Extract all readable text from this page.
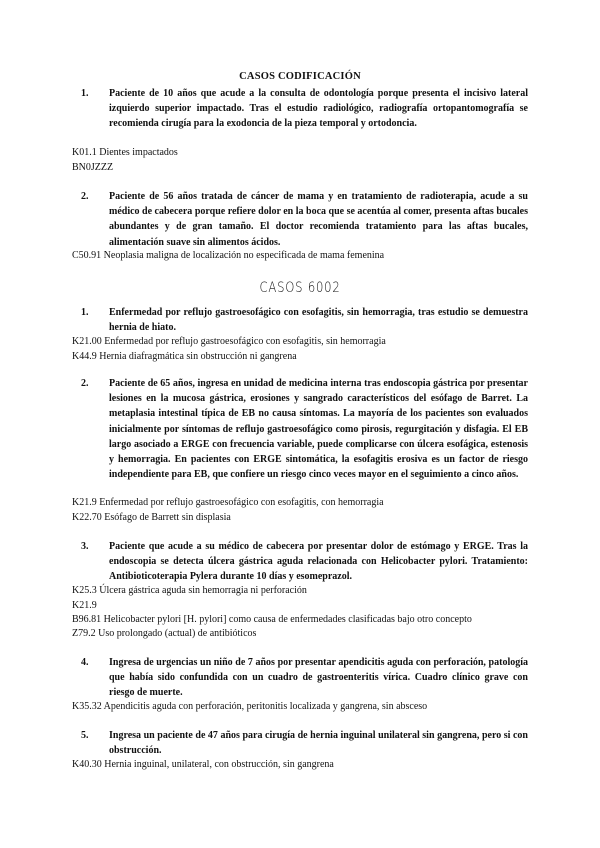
CASOS CODIFICACIÓN
1. Paciente de 10 años que acude a la consulta de odontología porque presenta el incisivo lateral izquierdo superior impactado. Tras el estudio radiológico, radiografía ortopantomografía se recomienda cirugía para la exodoncia de la pieza temporal y ortodoncia.
K01.1 Dientes impactados
BN0JZZZ
2. Paciente de 56 años tratada de cáncer de mama y en tratamiento de radioterapia, acude a su médico de cabecera porque refiere dolor en la boca que se acentúa al comer, presenta aftas bucales abundantes y de gran tamaño. El doctor recomienda tratamiento para las aftas bucales, alimentación suave sin alimentos ácidos.
C50.91 Neoplasia maligna de localización no especificada de mama femenina
CASOS 6002
1. Enfermedad por reflujo gastroesofágico con esofagitis, sin hemorragia, tras estudio se demuestra hernia de hiato.
K21.00 Enfermedad por reflujo gastroesofágico con esofagitis, sin hemorragia
K44.9 Hernia diafragmática sin obstrucción ni gangrena
2. Paciente de 65 años, ingresa en unidad de medicina interna tras endoscopia gástrica por presentar lesiones en la mucosa gástrica, erosiones y sangrado característicos del esófago de Barret. La metaplasia intestinal típica de EB no causa síntomas. La mayoría de los pacientes son evaluados inicialmente por síntomas de reflujo gastroesofágico como pirosis, regurgitación y disfagia. El EB largo asociado a ERGE con frecuencia variable, puede complicarse con úlcera esofágica, estenosis y hemorragia. En pacientes con ERGE sintomática, la esofagitis erosiva es un factor de riesgo independiente para EB, que confiere un riesgo cinco veces mayor en el seguimiento a cinco años.
K21.9 Enfermedad por reflujo gastroesofágico con esofagitis, con hemorragia
K22.70 Esófago de Barrett sin displasia
3. Paciente que acude a su médico de cabecera por presentar dolor de estómago y ERGE. Tras la endoscopia se detecta úlcera gástrica aguda relacionada con Helicobacter pylori. Tratamiento: Antibioticoterapia Pylera durante 10 días y esomeprazol.
K25.3 Úlcera gástrica aguda sin hemorragia ni perforación
K21.9
B96.81 Helicobacter pylori [H. pylori] como causa de enfermedades clasificadas bajo otro concepto
Z79.2 Uso prolongado (actual) de antibióticos
4. Ingresa de urgencias un niño de 7 años por presentar apendicitis aguda con perforación, patología que había sido confundida con un cuadro de gastroenteritis vírica. Cuadro clínico grave con riesgo de muerte.
K35.32 Apendicitis aguda con perforación, peritonitis localizada y gangrena, sin absceso
5. Ingresa un paciente de 47 años para cirugía de hernia inguinal unilateral sin gangrena, pero si con obstrucción.
K40.30 Hernia inguinal, unilateral, con obstrucción, sin gangrena
